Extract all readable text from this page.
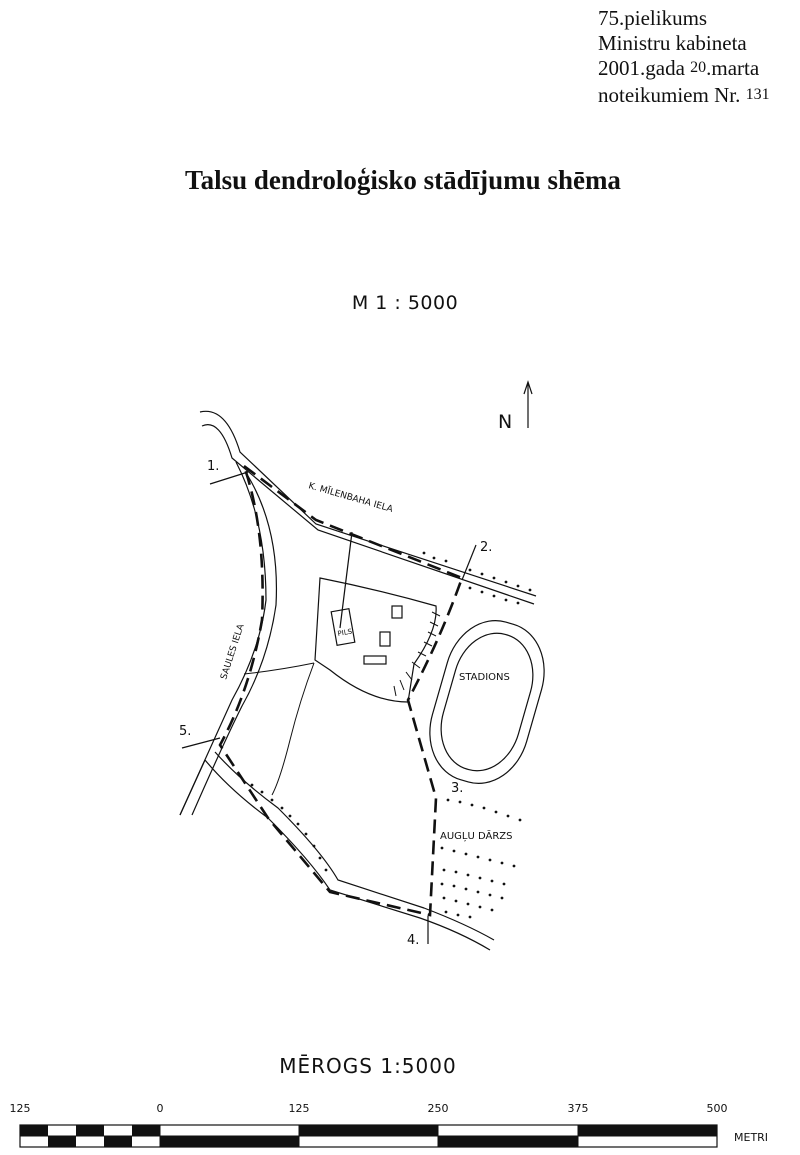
75.pielikums
Ministru kabineta
2001.gada 20.marta
noteikumiem Nr. 131
Talsu dendroloģisko stādījumu shēma
M 1 : 5000
N
K. MĪLENBAHA IELA
SAULES IELA	PILS
STADIONS
AUGĻU DĀRZS
1.
2.
3.
4.
5.
MĒROGS 1:5000
125	0	125	250	375	500
METRI
